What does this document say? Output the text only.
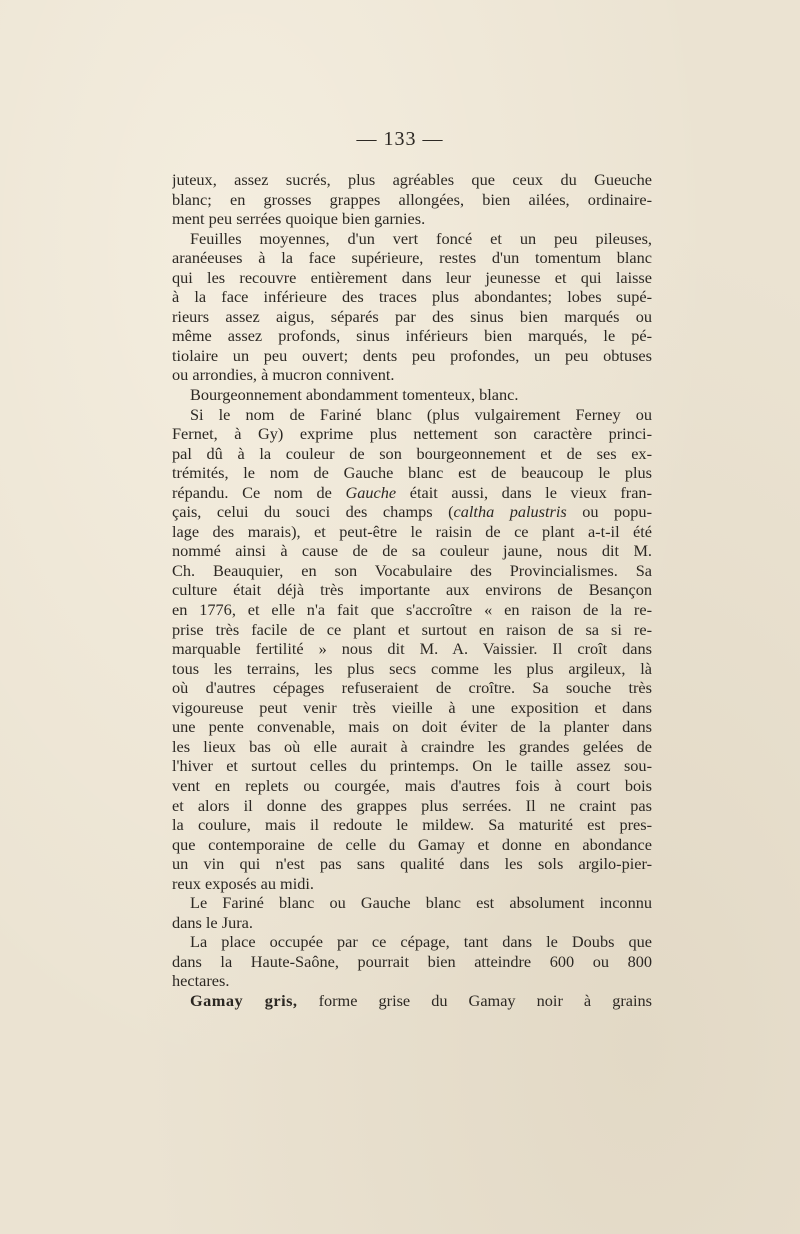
— 133 —
juteux, assez sucrés, plus agréables que ceux du Gueuche
blanc; en grosses grappes allongées, bien ailées, ordinaire-
ment peu serrées quoique bien garnies.
Feuilles moyennes, d'un vert foncé et un peu pileuses,
aranéeuses à la face supérieure, restes d'un tomentum blanc
qui les recouvre entièrement dans leur jeunesse et qui laisse
à la face inférieure des traces plus abondantes; lobes supé-
rieurs assez aigus, séparés par des sinus bien marqués ou
même assez profonds, sinus inférieurs bien marqués, le pé-
tiolaire un peu ouvert; dents peu profondes, un peu obtuses
ou arrondies, à mucron connivent.
Bourgeonnement abondamment tomenteux, blanc.
Si le nom de Fariné blanc (plus vulgairement Ferney ou
Fernet, à Gy) exprime plus nettement son caractère princi-
pal dû à la couleur de son bourgeonnement et de ses ex-
trémités, le nom de Gauche blanc est de beaucoup le plus
répandu. Ce nom de Gauche était aussi, dans le vieux fran-
çais, celui du souci des champs (caltha palustris ou popu-
lage des marais), et peut-être le raisin de ce plant a-t-il été
nommé ainsi à cause de de sa couleur jaune, nous dit M.
Ch. Beauquier, en son Vocabulaire des Provincialismes. Sa
culture était déjà très importante aux environs de Besançon
en 1776, et elle n'a fait que s'accroître « en raison de la re-
prise très facile de ce plant et surtout en raison de sa si re-
marquable fertilité » nous dit M. A. Vaissier. Il croît dans
tous les terrains, les plus secs comme les plus argileux, là
où d'autres cépages refuseraient de croître. Sa souche très
vigoureuse peut venir très vieille à une exposition et dans
une pente convenable, mais on doit éviter de la planter dans
les lieux bas où elle aurait à craindre les grandes gelées de
l'hiver et surtout celles du printemps. On le taille assez sou-
vent en replets ou courgée, mais d'autres fois à court bois
et alors il donne des grappes plus serrées. Il ne craint pas
la coulure, mais il redoute le mildew. Sa maturité est pres-
que contemporaine de celle du Gamay et donne en abondance
un vin qui n'est pas sans qualité dans les sols argilo-pier-
reux exposés au midi.
Le Fariné blanc ou Gauche blanc est absolument inconnu
dans le Jura.
La place occupée par ce cépage, tant dans le Doubs que
dans la Haute-Saône, pourrait bien atteindre 600 ou 800
hectares.
Gamay gris, forme grise du Gamay noir à grains
